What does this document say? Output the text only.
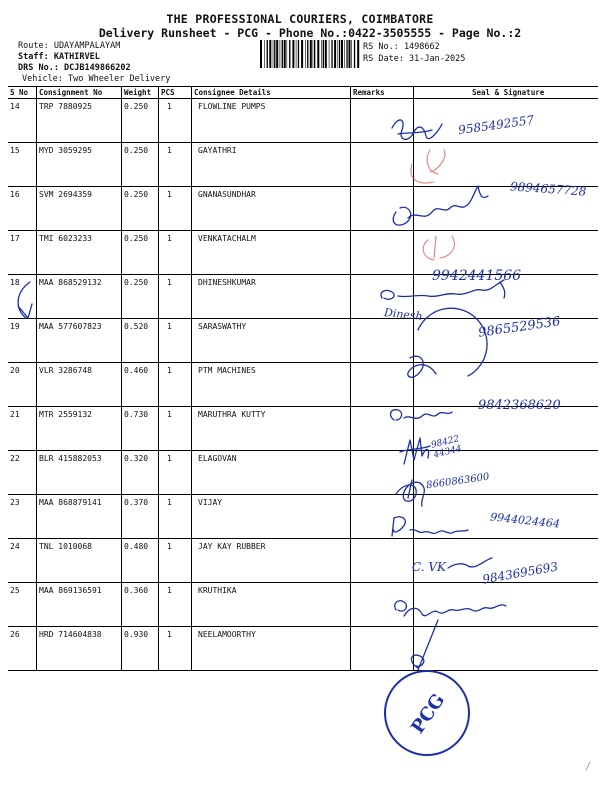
THE PROFESSIONAL COURIERS, COIMBATORE
Delivery Runsheet - PCG - Phone No.:0422-3505555 - Page No.:2
Route: UDAYAMPALAYAM
Staff: KATHIRVEL
DRS No.: DCJB149866202
Vehicle: Two Wheeler Delivery
RS No.: 1498662
RS Date: 31-Jan-2025
S No	Consignment No	Weight	PCS	Consignee Details	Remarks	Seal & Signature
14	TRP 7880925	0.250	1	FLOWLINE PUMPS		
15	MYD 3059295	0.250	1	GAYATHRI		
16	SVM 2694359	0.250	1	GNANASUNDHAR		
17	TMI 6023233	0.250	1	VENKATACHALM		
18	MAA 868529132	0.250	1	DHINESHKUMAR		
19	MAA 577607823	0.520	1	SARASWATHY		
20	VLR 3286748	0.460	1	PTM MACHINES		
21	MTR 2559132	0.730	1	MARUTHRA KUTTY		
22	BLR 415882053	0.320	1	ELAGOVAN		
23	MAA 868879141	0.370	1	VIJAY		
24	TNL 1010068	0.480	1	JAY KAY RUBBER		
25	MAA 869136591	0.360	1	KRUTHIKA		
26	HRD 714604838	0.930	1	NEELAMOORTHY		
9585492557
9894657728
9942441566
Dinesh	9865529536
9842368620
98422 44344
8660863600
9944024464
C. VK	9843695693
PCG
